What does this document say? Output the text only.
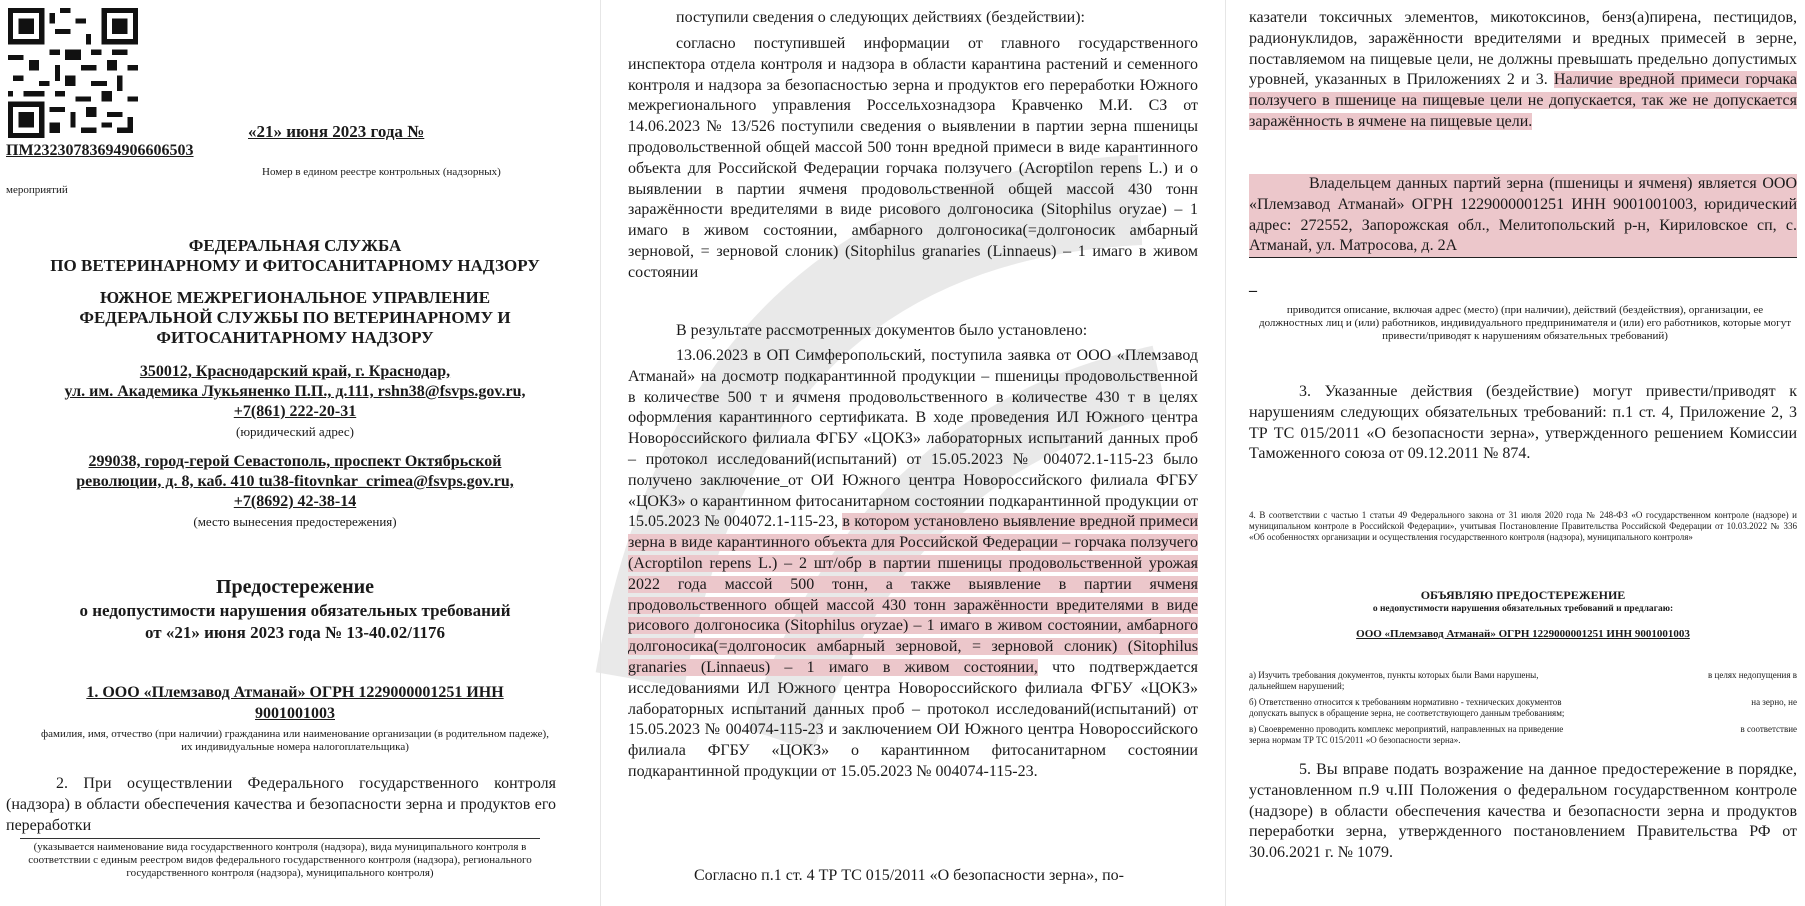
«21» июня 2023 года №
ПМ23230783694906606503
Номер в едином реестре контрольных (надзорных)
мероприятий
ФЕДЕРАЛЬНАЯ СЛУЖБА
ПО ВЕТЕРИНАРНОМУ И ФИТОСАНИТАРНОМУ НАДЗОРУ
ЮЖНОЕ МЕЖРЕГИОНАЛЬНОЕ УПРАВЛЕНИЕ
ФЕДЕРАЛЬНОЙ СЛУЖБЫ ПО ВЕТЕРИНАРНОМУ И
ФИТОСАНИТАРНОМУ НАДЗОРУ
350012, Краснодарский край, г. Краснодар,
ул. им. Академика Лукьяненко П.П., д.111, rshn38@fsvps.gov.ru,
+7(861) 222-20-31
(юридический адрес)
299038, город-герой Севастополь, проспект Октябрьской
революции, д. 8, каб. 410 tu38-fitovnkar_crimea@fsvps.gov.ru,
+7(8692) 42-38-14
(место вынесения предостережения)
Предостережение
о недопустимости нарушения обязательных требований
от «21» июня 2023 года № 13-40.02/1176
1. ООО «Племзавод Атманай» ОГРН 1229000001251 ИНН
9001001003
фамилия, имя, отчество (при наличии) гражданина или наименование организации (в родительном падеже), их индивидуальные номера налогоплательщика)
2. При осуществлении Федерального государственного контроля (надзора) в области обеспечения качества и безопасности зерна и продуктов его переработки
(указывается наименование вида государственного контроля (надзора), вида муниципального контроля в соответствии с единым реестром видов федерального государственного контроля (надзора), регионального государственного контроля (надзора), муниципального контроля)
поступили сведения о следующих действиях (бездействии):
согласно поступившей информации от главного государственного инспектора отдела контроля и надзора в области карантина растений и семенного контроля и надзора за безопасностью зерна и продуктов его переработки Южного межрегионального управления Россельхознадзора Кравченко М.И. СЗ от 14.06.2023 № 13/526 поступили сведения о выявлении в партии зерна пшеницы продовольственной общей массой 500 тонн вредной примеси в виде карантинного объекта для Российской Федерации горчака ползучего (Acroptilon repens L.) и о выявлении в партии ячменя продовольственной общей массой 430 тонн заражённости вредителями в виде рисового долгоносика (Sitophilus oryzae) – 1 имаго в живом состоянии, амбарного долгоносика(=долгоносик амбарный зерновой, = зерновой слоник) (Sitophilus granaries (Linnaeus) – 1 имаго в живом состоянии
В результате рассмотренных документов было установлено:
13.06.2023 в ОП Симферопольский, поступила заявка от ООО «Племзавод Атманай» на досмотр подкарантинной продукции – пшеницы продовольственной в количестве 500 т и ячменя продовольственного в количестве 430 т в целях оформления карантинного сертификата. В ходе проведения ИЛ Южного центра Новороссийского филиала ФГБУ «ЦОКЗ» лабораторных испытаний данных проб – протокол исследований(испытаний) от 15.05.2023 № 004072.1-115-23 было получено заключение_от ОИ Южного центра Новороссийского филиала ФГБУ «ЦОКЗ» о карантинном фитосанитарном состоянии подкарантинной продукции от 15.05.2023 № 004072.1-115-23, в котором установлено выявление вредной примеси зерна в виде карантинного объекта для Российской Федерации – горчака ползучего (Acroptilon repens L.) – 2 шт/обр в партии пшеницы продовольственной урожая 2022 года массой 500 тонн, а также выявление в партии ячменя продовольственного общей массой 430 тонн заражённости вредителями в виде рисового долгоносика (Sitophilus oryzae) – 1 имаго в живом состоянии, амбарного долгоносика(=долгоносик амбарный зерновой, = зерновой слоник) (Sitophilus granaries (Linnaeus) – 1 имаго в живом состоянии, что подтверждается исследованиями ИЛ Южного центра Новороссийского филиала ФГБУ «ЦОКЗ» лабораторных испытаний данных проб – протокол исследований(испытаний) от 15.05.2023 № 004074-115-23 и заключением ОИ Южного центра Новороссийского филиала ФГБУ «ЦОКЗ» о карантинном фитосанитарном состоянии подкарантинной продукции от 15.05.2023 № 004074-115-23.
Согласно п.1 ст. 4 ТР ТС 015/2011 «О безопасности зерна», по-
казатели токсичных элементов, микотоксинов, бенз(а)пирена, пестицидов, радионуклидов, заражённости вредителями и вредных примесей в зерне, поставляемом на пищевые цели, не должны превышать предельно допустимых уровней, указанных в Приложениях 2 и 3. Наличие вредной примеси горчака ползучего в пшенице на пищевые цели не допускается, так же не допускается заражённость в ячмене на пищевые цели.
Владельцем данных партий зерна (пшеницы и ячменя) является ООО «Племзавод Атманай» ОГРН 1229000001251 ИНН 9001001003, юридический адрес: 272552, Запорожская обл., Мелитопольский р-н, Кириловское сп, с. Атманай, ул. Матросова, д. 2А
–
приводится описание, включая адрес (место) (при наличии), действий (бездействия), организации, ее должностных лиц и (или) работников, индивидуального предпринимателя и (или) его работников, которые могут привести/приводят к нарушениям обязательных требований)
3. Указанные действия (бездействие) могут привести/приводят к нарушениям следующих обязательных требований: п.1 ст. 4, Приложение 2, 3 ТР ТС 015/2011 «О безопасности зерна», утвержденного решением Комиссии Таможенного союза от 09.12.2011 № 874.
4. В соответствии с частью 1 статьи 49 Федерального закона от 31 июля 2020 года № 248-ФЗ «О государственном контроле (надзоре) и муниципальном контроле в Российской Федерации», учитывая Постановление Правительства Российской Федерации от 10.03.2022 № 336 «Об особенностях организации и осуществления государственного контроля (надзора), муниципального контроля»
ОБЪЯВЛЯЮ ПРЕДОСТЕРЕЖЕНИЕ
о недопустимости нарушения обязательных требований и предлагаю:
ООО «Племзавод Атманай» ОГРН 1229000001251 ИНН 9001001003
а) Изучить требования документов, пункты которых были Вами нарушены,	в целях недопущения в
дальнейшем нарушений;
б) Ответственно относится к требованиям нормативно - технических документов	на зерно, не
допускать выпуск в обращение зерна, не соответствующего данным требованиям;
в) Своевременно проводить комплекс мероприятий, направленных на приведение	в соответствие
зерна нормам ТР ТС 015/2011 «О безопасности зерна».
5. Вы вправе подать возражение на данное предостережение в порядке, установленном п.9 ч.III Положения о федеральном государственном контроле (надзоре) в области обеспечения качества и безопасности зерна и продуктов переработки зерна, утвержденного постановлением Правительства РФ от 30.06.2021 г. № 1079.
